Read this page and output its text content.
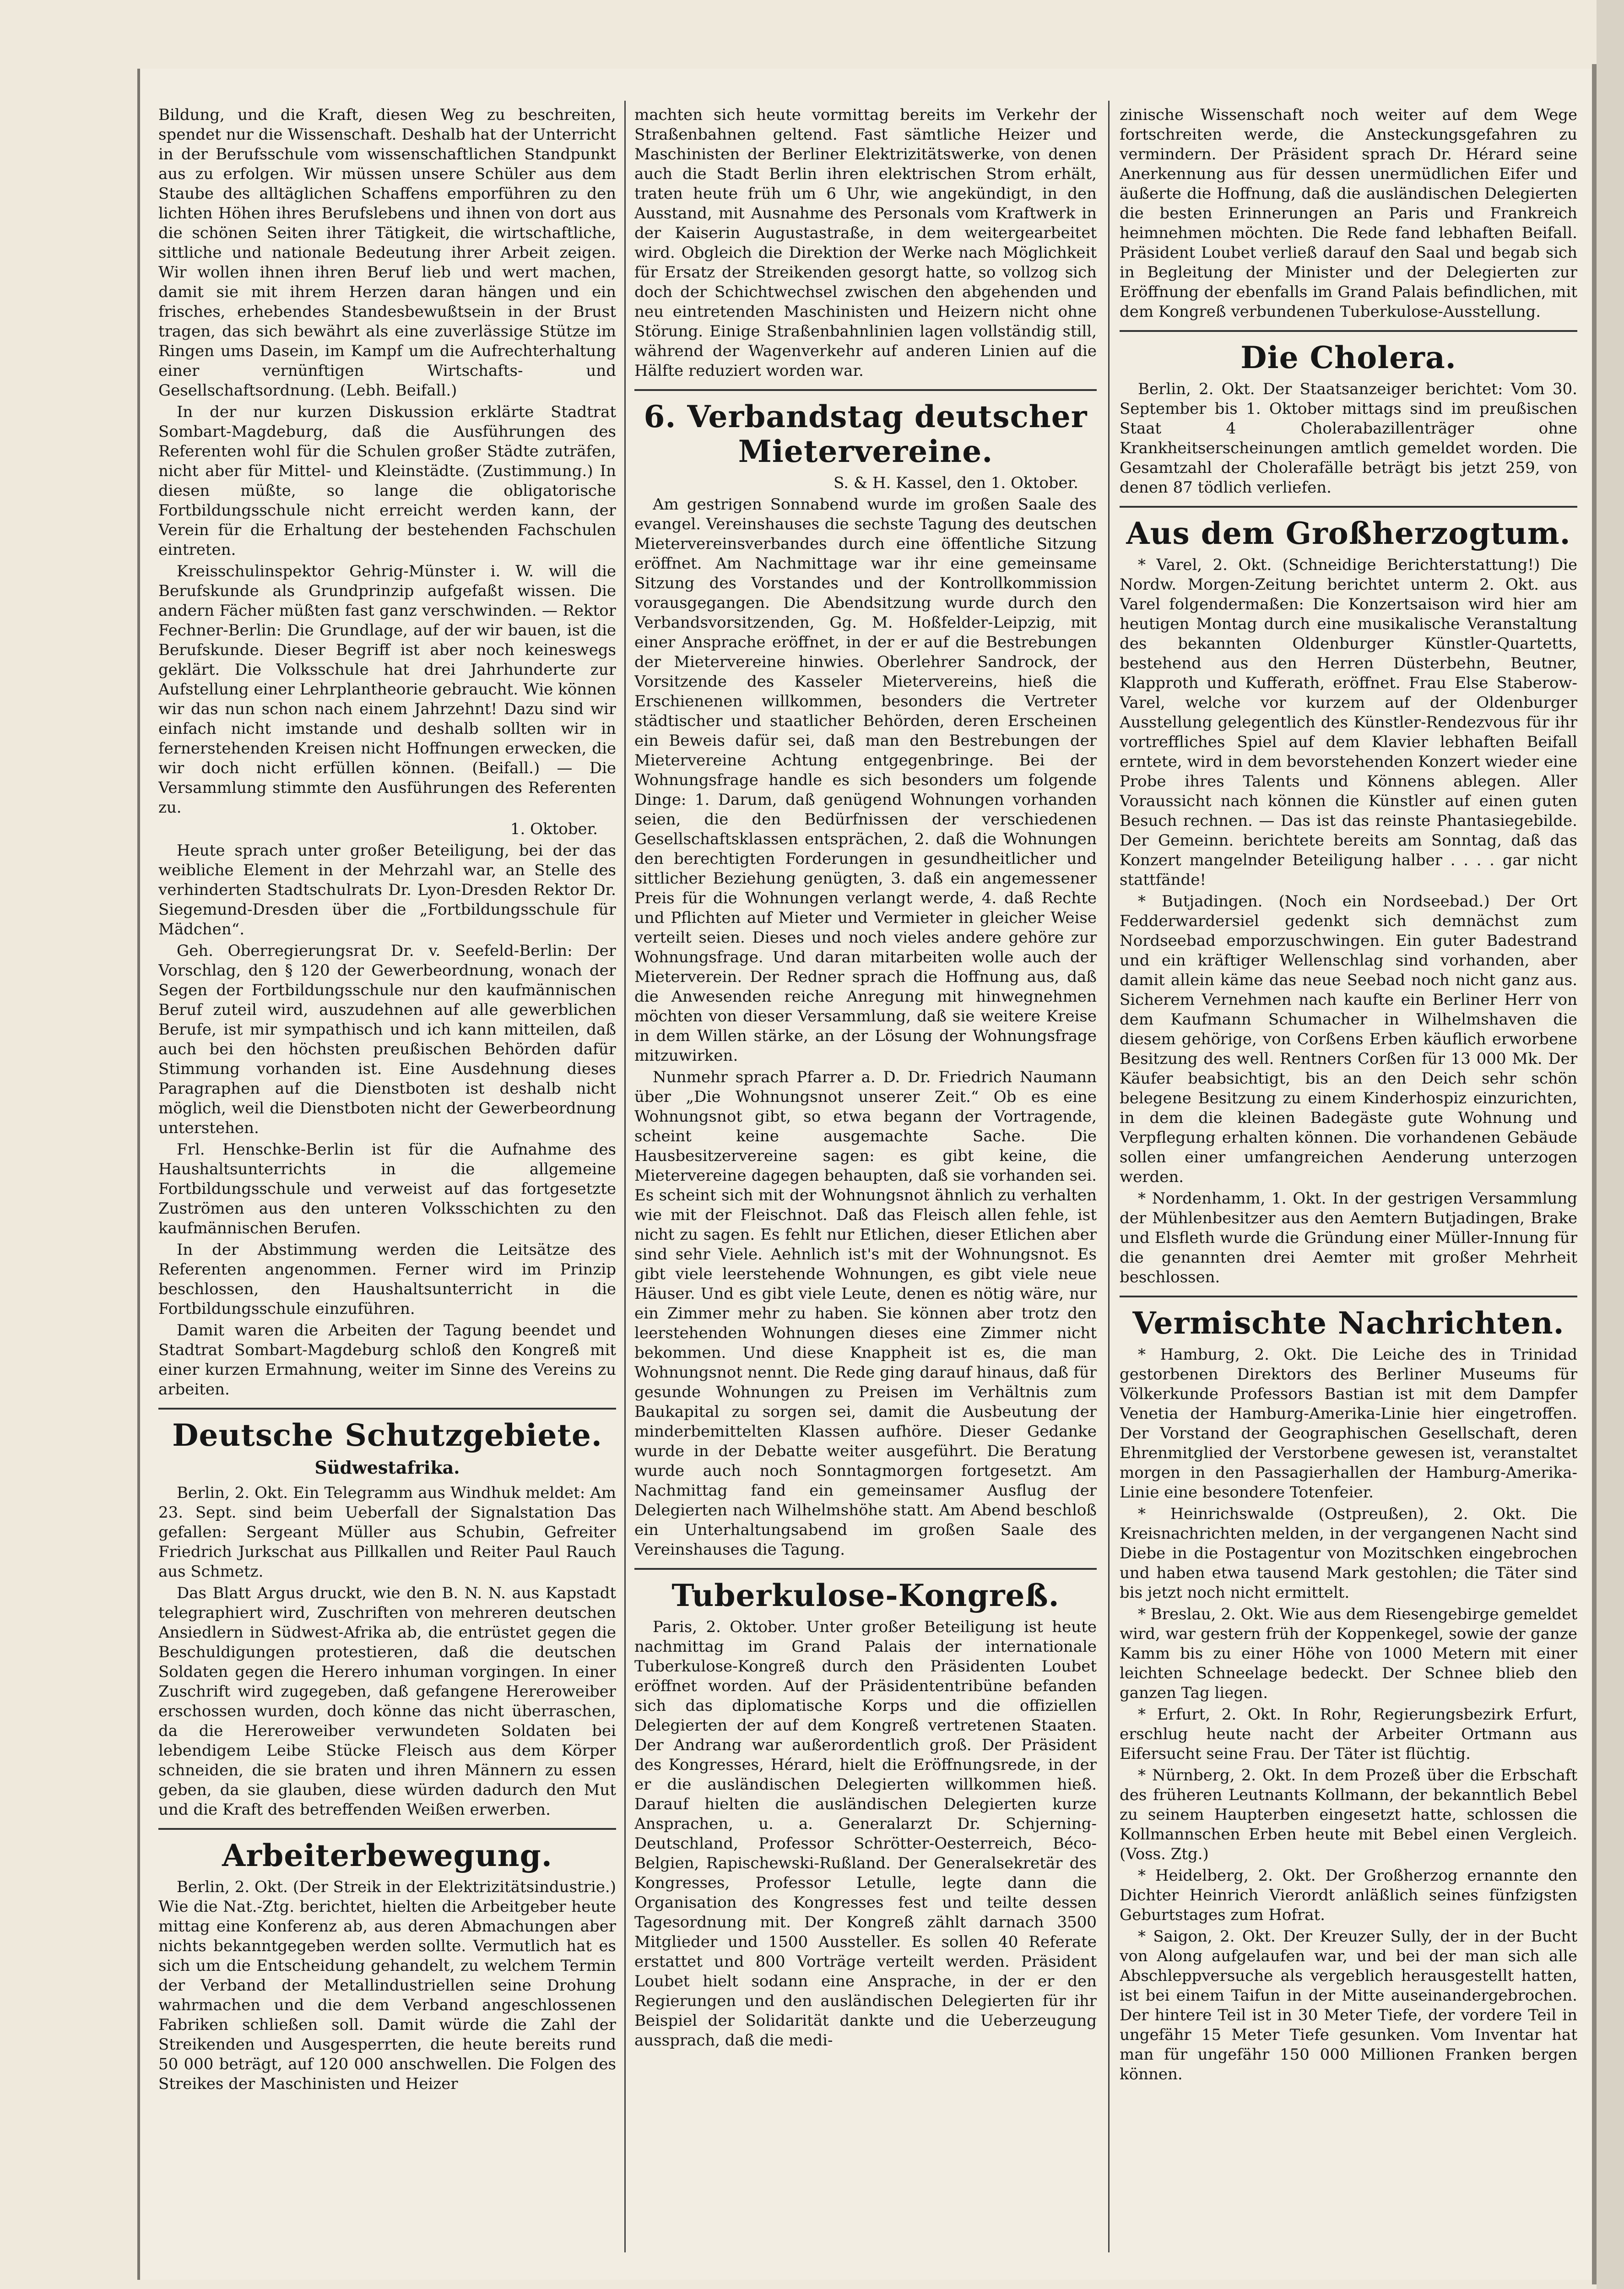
Bildung, und die Kraft, diesen Weg zu beschreiten, spendet nur die Wissenschaft. Deshalb hat der Unterricht in der Berufsschule vom wissenschaftlichen Standpunkt aus zu erfolgen. Wir müssen unsere Schüler aus dem Staube des alltäglichen Schaffens emporführen zu den lichten Höhen ihres Berufslebens und ihnen von dort aus die schönen Seiten ihrer Tätigkeit, die wirtschaftliche, sittliche und nationale Bedeutung ihrer Arbeit zeigen. Wir wollen ihnen ihren Beruf lieb und wert machen, damit sie mit ihrem Herzen daran hängen und ein frisches, erhebendes Standesbewußtsein in der Brust tragen, das sich bewährt als eine zuverlässige Stütze im Ringen ums Dasein, im Kampf um die Aufrechterhaltung einer vernünftigen Wirtschafts- und Gesellschaftsordnung. (Lebh. Beifall.)

In der nur kurzen Diskussion erklärte Stadtrat Sombart-Magdeburg, daß die Ausführungen des Referenten wohl für die Schulen großer Städte zuträfen, nicht aber für Mittel- und Kleinstädte. (Zustimmung.) In diesen müßte, so lange die obligatorische Fortbildungsschule nicht erreicht werden kann, der Verein für die Erhaltung der bestehenden Fachschulen eintreten.

Kreisschulinspektor Gehrig-Münster i. W. will die Berufskunde als Grundprinzip aufgefaßt wissen. Die andern Fächer müßten fast ganz verschwinden. — Rektor Fechner-Berlin: Die Grundlage, auf der wir bauen, ist die Berufskunde. Dieser Begriff ist aber noch keineswegs geklärt. Die Volksschule hat drei Jahrhunderte zur Aufstellung einer Lehrplantheorie gebraucht. Wie können wir das nun schon nach einem Jahrzehnt! Dazu sind wir einfach nicht imstande und deshalb sollten wir in fernerstehenden Kreisen nicht Hoffnungen erwecken, die wir doch nicht erfüllen können. (Beifall.) — Die Versammlung stimmte den Ausführungen des Referenten zu.

1. Oktober.

Heute sprach unter großer Beteiligung, bei der das weibliche Element in der Mehrzahl war, an Stelle des verhinderten Stadtschulrats Dr. Lyon-Dresden Rektor Dr. Siegemund-Dresden über die „Fortbildungsschule für Mädchen“.

Geh. Oberregierungsrat Dr. v. Seefeld-Berlin: Der Vorschlag, den § 120 der Gewerbeordnung, wonach der Segen der Fortbildungsschule nur den kaufmännischen Beruf zuteil wird, auszudehnen auf alle gewerblichen Berufe, ist mir sympathisch und ich kann mitteilen, daß auch bei den höchsten preußischen Behörden dafür Stimmung vorhanden ist. Eine Ausdehnung dieses Paragraphen auf die Dienstboten ist deshalb nicht möglich, weil die Dienstboten nicht der Gewerbeordnung unterstehen.

Frl. Henschke-Berlin ist für die Aufnahme des Haushaltsunterrichts in die allgemeine Fortbildungsschule und verweist auf das fortgesetzte Zuströmen aus den unteren Volksschichten zu den kaufmännischen Berufen.

In der Abstimmung werden die Leitsätze des Referenten angenommen. Ferner wird im Prinzip beschlossen, den Haushaltsunterricht in die Fortbildungsschule einzuführen.

Damit waren die Arbeiten der Tagung beendet und Stadtrat Sombart-Magdeburg schloß den Kongreß mit einer kurzen Ermahnung, weiter im Sinne des Vereins zu arbeiten.

Deutsche Schutzgebiete.
Südwestafrika.

Berlin, 2. Okt. Ein Telegramm aus Windhuk meldet: Am 23. Sept. sind beim Ueberfall der Signalstation Das gefallen: Sergeant Müller aus Schubin, Gefreiter Friedrich Jurkschat aus Pillkallen und Reiter Paul Rauch aus Schmetz.

Das Blatt Argus druckt, wie den B. N. N. aus Kapstadt telegraphiert wird, Zuschriften von mehreren deutschen Ansiedlern in Südwest-Afrika ab, die entrüstet gegen die Beschuldigungen protestieren, daß die deutschen Soldaten gegen die Herero inhuman vorgingen. In einer Zuschrift wird zugegeben, daß gefangene Hereroweiber erschossen wurden, doch könne das nicht überraschen, da die Hereroweiber verwundeten Soldaten bei lebendigem Leibe Stücke Fleisch aus dem Körper schneiden, die sie braten und ihren Männern zu essen geben, da sie glauben, diese würden dadurch den Mut und die Kraft des betreffenden Weißen erwerben.

Arbeiterbewegung.

Berlin, 2. Okt. (Der Streik in der Elektrizitätsindustrie.) Wie die Nat.-Ztg. berichtet, hielten die Arbeitgeber heute mittag eine Konferenz ab, aus deren Abmachungen aber nichts bekanntgegeben werden sollte. Vermutlich hat es sich um die Entscheidung gehandelt, zu welchem Termin der Verband der Metallindustriellen seine Drohung wahrmachen und die dem Verband angeschlossenen Fabriken schließen soll. Damit würde die Zahl der Streikenden und Ausgesperrten, die heute bereits rund 50 000 beträgt, auf 120 000 anschwellen. Die Folgen des Streikes der Maschinisten und Heizer

machten sich heute vormittag bereits im Verkehr der Straßenbahnen geltend. Fast sämtliche Heizer und Maschinisten der Berliner Elektrizitätswerke, von denen auch die Stadt Berlin ihren elektrischen Strom erhält, traten heute früh um 6 Uhr, wie angekündigt, in den Ausstand, mit Ausnahme des Personals vom Kraftwerk in der Kaiserin Augustastraße, in dem weitergearbeitet wird. Obgleich die Direktion der Werke nach Möglichkeit für Ersatz der Streikenden gesorgt hatte, so vollzog sich doch der Schichtwechsel zwischen den abgehenden und neu eintretenden Maschinisten und Heizern nicht ohne Störung. Einige Straßenbahnlinien lagen vollständig still, während der Wagenverkehr auf anderen Linien auf die Hälfte reduziert worden war.

6. Verbandstag deutscher Mietervereine.

S. & H. Kassel, den 1. Oktober.

Am gestrigen Sonnabend wurde im großen Saale des evangel. Vereinshauses die sechste Tagung des deutschen Mietervereinsverbandes durch eine öffentliche Sitzung eröffnet. Am Nachmittage war ihr eine gemeinsame Sitzung des Vorstandes und der Kontrollkommission vorausgegangen. Die Abendsitzung wurde durch den Verbandsvorsitzenden, Gg. M. Hoßfelder-Leipzig, mit einer Ansprache eröffnet, in der er auf die Bestrebungen der Mietervereine hinwies. Oberlehrer Sandrock, der Vorsitzende des Kasseler Mietervereins, hieß die Erschienenen willkommen, besonders die Vertreter städtischer und staatlicher Behörden, deren Erscheinen ein Beweis dafür sei, daß man den Bestrebungen der Mietervereine Achtung entgegenbringe. Bei der Wohnungsfrage handle es sich besonders um folgende Dinge: 1. Darum, daß genügend Wohnungen vorhanden seien, die den Bedürfnissen der verschiedenen Gesellschaftsklassen entsprächen, 2. daß die Wohnungen den berechtigten Forderungen in gesundheitlicher und sittlicher Beziehung genügten, 3. daß ein angemessener Preis für die Wohnungen verlangt werde, 4. daß Rechte und Pflichten auf Mieter und Vermieter in gleicher Weise verteilt seien. Dieses und noch vieles andere gehöre zur Wohnungsfrage. Und daran mitarbeiten wolle auch der Mieterverein. Der Redner sprach die Hoffnung aus, daß die Anwesenden reiche Anregung mit hinwegnehmen möchten von dieser Versammlung, daß sie weitere Kreise in dem Willen stärke, an der Lösung der Wohnungsfrage mitzuwirken.

Nunmehr sprach Pfarrer a. D. Dr. Friedrich Naumann über „Die Wohnungsnot unserer Zeit.“ Ob es eine Wohnungsnot gibt, so etwa begann der Vortragende, scheint keine ausgemachte Sache. Die Hausbesitzervereine sagen: es gibt keine, die Mietervereine dagegen behaupten, daß sie vorhanden sei. Es scheint sich mit der Wohnungsnot ähnlich zu verhalten wie mit der Fleischnot. Daß das Fleisch allen fehle, ist nicht zu sagen. Es fehlt nur Etlichen, dieser Etlichen aber sind sehr Viele. Aehnlich ist's mit der Wohnungsnot. Es gibt viele leerstehende Wohnungen, es gibt viele neue Häuser. Und es gibt viele Leute, denen es nötig wäre, nur ein Zimmer mehr zu haben. Sie können aber trotz den leerstehenden Wohnungen dieses eine Zimmer nicht bekommen. Und diese Knappheit ist es, die man Wohnungsnot nennt. Die Rede ging darauf hinaus, daß für gesunde Wohnungen zu Preisen im Verhältnis zum Baukapital zu sorgen sei, damit die Ausbeutung der minderbemittelten Klassen aufhöre. Dieser Gedanke wurde in der Debatte weiter ausgeführt. Die Beratung wurde auch noch Sonntagmorgen fortgesetzt. Am Nachmittag fand ein gemeinsamer Ausflug der Delegierten nach Wilhelmshöhe statt. Am Abend beschloß ein Unterhaltungsabend im großen Saale des Vereinshauses die Tagung.

Tuberkulose-Kongreß.

Paris, 2. Oktober. Unter großer Beteiligung ist heute nachmittag im Grand Palais der internationale Tuberkulose-Kongreß durch den Präsidenten Loubet eröffnet worden. Auf der Präsidententribüne befanden sich das diplomatische Korps und die offiziellen Delegierten der auf dem Kongreß vertretenen Staaten. Der Andrang war außerordentlich groß. Der Präsident des Kongresses, Hérard, hielt die Eröffnungsrede, in der er die ausländischen Delegierten willkommen hieß. Darauf hielten die ausländischen Delegierten kurze Ansprachen, u. a. Generalarzt Dr. Schjerning-Deutschland, Professor Schrötter-Oesterreich, Béco-Belgien, Rapischewski-Rußland. Der Generalsekretär des Kongresses, Professor Letulle, legte dann die Organisation des Kongresses fest und teilte dessen Tagesordnung mit. Der Kongreß zählt darnach 3500 Mitglieder und 1500 Aussteller. Es sollen 40 Referate erstattet und 800 Vorträge verteilt werden. Präsident Loubet hielt sodann eine Ansprache, in der er den Regierungen und den ausländischen Delegierten für ihr Beispiel der Solidarität dankte und die Ueberzeugung aussprach, daß die medi-

zinische Wissenschaft noch weiter auf dem Wege fortschreiten werde, die Ansteckungsgefahren zu vermindern. Der Präsident sprach Dr. Hérard seine Anerkennung aus für dessen unermüdlichen Eifer und äußerte die Hoffnung, daß die ausländischen Delegierten die besten Erinnerungen an Paris und Frankreich heimnehmen möchten. Die Rede fand lebhaften Beifall. Präsident Loubet verließ darauf den Saal und begab sich in Begleitung der Minister und der Delegierten zur Eröffnung der ebenfalls im Grand Palais befindlichen, mit dem Kongreß verbundenen Tuberkulose-Ausstellung.

Die Cholera.

Berlin, 2. Okt. Der Staatsanzeiger berichtet: Vom 30. September bis 1. Oktober mittags sind im preußischen Staat 4 Cholerabazillenträger ohne Krankheitserscheinungen amtlich gemeldet worden. Die Gesamtzahl der Cholerafälle beträgt bis jetzt 259, von denen 87 tödlich verliefen.

Aus dem Großherzogtum.

* Varel, 2. Okt. (Schneidige Berichterstattung!) Die Nordw. Morgen-Zeitung berichtet unterm 2. Okt. aus Varel folgendermaßen: Die Konzertsaison wird hier am heutigen Montag durch eine musikalische Veranstaltung des bekannten Oldenburger Künstler-Quartetts, bestehend aus den Herren Düsterbehn, Beutner, Klapproth und Kufferath, eröffnet. Frau Else Staberow-Varel, welche vor kurzem auf der Oldenburger Ausstellung gelegentlich des Künstler-Rendezvous für ihr vortreffliches Spiel auf dem Klavier lebhaften Beifall erntete, wird in dem bevorstehenden Konzert wieder eine Probe ihres Talents und Könnens ablegen. Aller Voraussicht nach können die Künstler auf einen guten Besuch rechnen. — Das ist das reinste Phantasiegebilde. Der Gemeinn. berichtete bereits am Sonntag, daß das Konzert mangelnder Beteiligung halber . . . . gar nicht stattfände!

* Butjadingen. (Noch ein Nordseebad.) Der Ort Fedderwardersiel gedenkt sich demnächst zum Nordseebad emporzuschwingen. Ein guter Badestrand und ein kräftiger Wellenschlag sind vorhanden, aber damit allein käme das neue Seebad noch nicht ganz aus. Sicherem Vernehmen nach kaufte ein Berliner Herr von dem Kaufmann Schumacher in Wilhelmshaven die diesem gehörige, von Corßens Erben käuflich erworbene Besitzung des well. Rentners Corßen für 13 000 Mk. Der Käufer beabsichtigt, bis an den Deich sehr schön belegene Besitzung zu einem Kinderhospiz einzurichten, in dem die kleinen Badegäste gute Wohnung und Verpflegung erhalten können. Die vorhandenen Gebäude sollen einer umfangreichen Aenderung unterzogen werden.

* Nordenhamm, 1. Okt. In der gestrigen Versammlung der Mühlenbesitzer aus den Aemtern Butjadingen, Brake und Elsfleth wurde die Gründung einer Müller-Innung für die genannten drei Aemter mit großer Mehrheit beschlossen.

Vermischte Nachrichten.

* Hamburg, 2. Okt. Die Leiche des in Trinidad gestorbenen Direktors des Berliner Museums für Völkerkunde Professors Bastian ist mit dem Dampfer Venetia der Hamburg-Amerika-Linie hier eingetroffen. Der Vorstand der Geographischen Gesellschaft, deren Ehrenmitglied der Verstorbene gewesen ist, veranstaltet morgen in den Passagierhallen der Hamburg-Amerika-Linie eine besondere Totenfeier.

* Heinrichswalde (Ostpreußen), 2. Okt. Die Kreisnachrichten melden, in der vergangenen Nacht sind Diebe in die Postagentur von Mozitschken eingebrochen und haben etwa tausend Mark gestohlen; die Täter sind bis jetzt noch nicht ermittelt.

* Breslau, 2. Okt. Wie aus dem Riesengebirge gemeldet wird, war gestern früh der Koppenkegel, sowie der ganze Kamm bis zu einer Höhe von 1000 Metern mit einer leichten Schneelage bedeckt. Der Schnee blieb den ganzen Tag liegen.

* Erfurt, 2. Okt. In Rohr, Regierungsbezirk Erfurt, erschlug heute nacht der Arbeiter Ortmann aus Eifersucht seine Frau. Der Täter ist flüchtig.

* Nürnberg, 2. Okt. In dem Prozeß über die Erbschaft des früheren Leutnants Kollmann, der bekanntlich Bebel zu seinem Haupterben eingesetzt hatte, schlossen die Kollmannschen Erben heute mit Bebel einen Vergleich. (Voss. Ztg.)

* Heidelberg, 2. Okt. Der Großherzog ernannte den Dichter Heinrich Vierordt anläßlich seines fünfzigsten Geburtstages zum Hofrat.

* Saigon, 2. Okt. Der Kreuzer Sully, der in der Bucht von Along aufgelaufen war, und bei der man sich alle Abschleppversuche als vergeblich herausgestellt hatten, ist bei einem Taifun in der Mitte auseinandergebrochen. Der hintere Teil ist in 30 Meter Tiefe, der vordere Teil in ungefähr 15 Meter Tiefe gesunken. Vom Inventar hat man für ungefähr 150 000 Millionen Franken bergen können.
